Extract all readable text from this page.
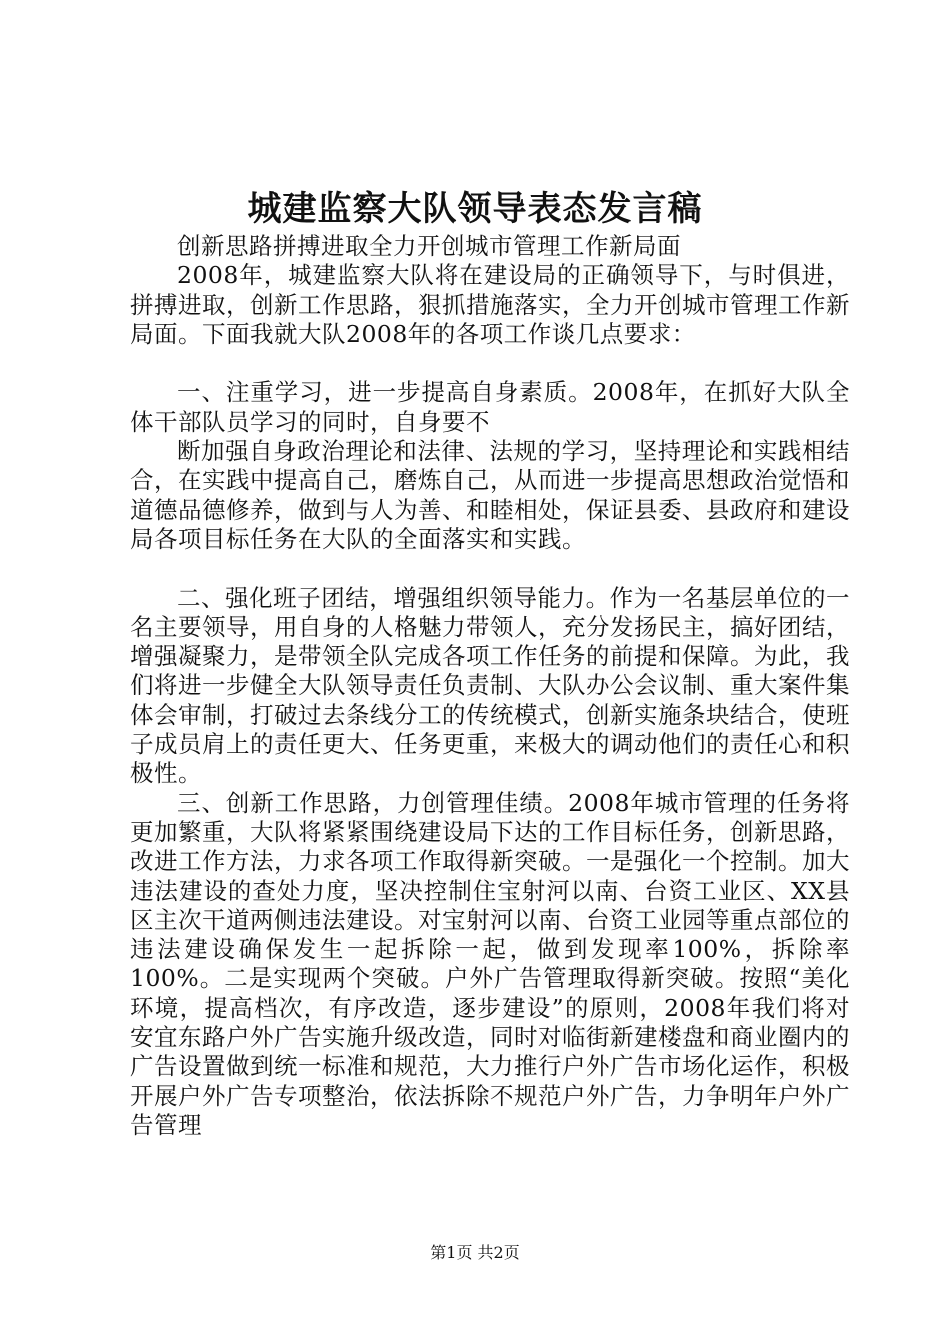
城建监察大队领导表态发言稿

创新思路拼搏进取全力开创城市管理工作新局面

2008年，城建监察大队将在建设局的正确领导下，与时俱进，拼搏进取，创新工作思路，狠抓措施落实，全力开创城市管理工作新局面。下面我就大队2008年的各项工作谈几点要求：

一、注重学习，进一步提高自身素质。2008年，在抓好大队全体干部队员学习的同时，自身要不

断加强自身政治理论和法律、法规的学习，坚持理论和实践相结合，在实践中提高自己，磨炼自己，从而进一步提高思想政治觉悟和道德品德修养，做到与人为善、和睦相处，保证县委、县政府和建设局各项目标任务在大队的全面落实和实践。

二、强化班子团结，增强组织领导能力。作为一名基层单位的一名主要领导，用自身的人格魅力带领人，充分发扬民主，搞好团结，增强凝聚力，是带领全队完成各项工作任务的前提和保障。为此，我们将进一步健全大队领导责任负责制、大队办公会议制、重大案件集体会审制，打破过去条线分工的传统模式，创新实施条块结合，使班子成员肩上的责任更大、任务更重，来极大的调动他们的责任心和积极性。

三、创新工作思路，力创管理佳绩。2008年城市管理的任务将更加繁重，大队将紧紧围绕建设局下达的工作目标任务，创新思路，改进工作方法，力求各项工作取得新突破。一是强化一个控制。加大违法建设的查处力度，坚决控制住宝射河以南、台资工业区、XX县区主次干道两侧违法建设。对宝射河以南、台资工业园等重点部位的违法建设确保发生一起拆除一起，做到发现率100%，拆除率100%。二是实现两个突破。户外广告管理取得新突破。按照“美化环境，提高档次，有序改造，逐步建设”的原则，2008年我们将对安宜东路户外广告实施升级改造，同时对临街新建楼盘和商业圈内的广告设置做到统一标准和规范，大力推行户外广告市场化运作，积极开展户外广告专项整治，依法拆除不规范户外广告，力争明年户外广告管理

第1页 共2页
